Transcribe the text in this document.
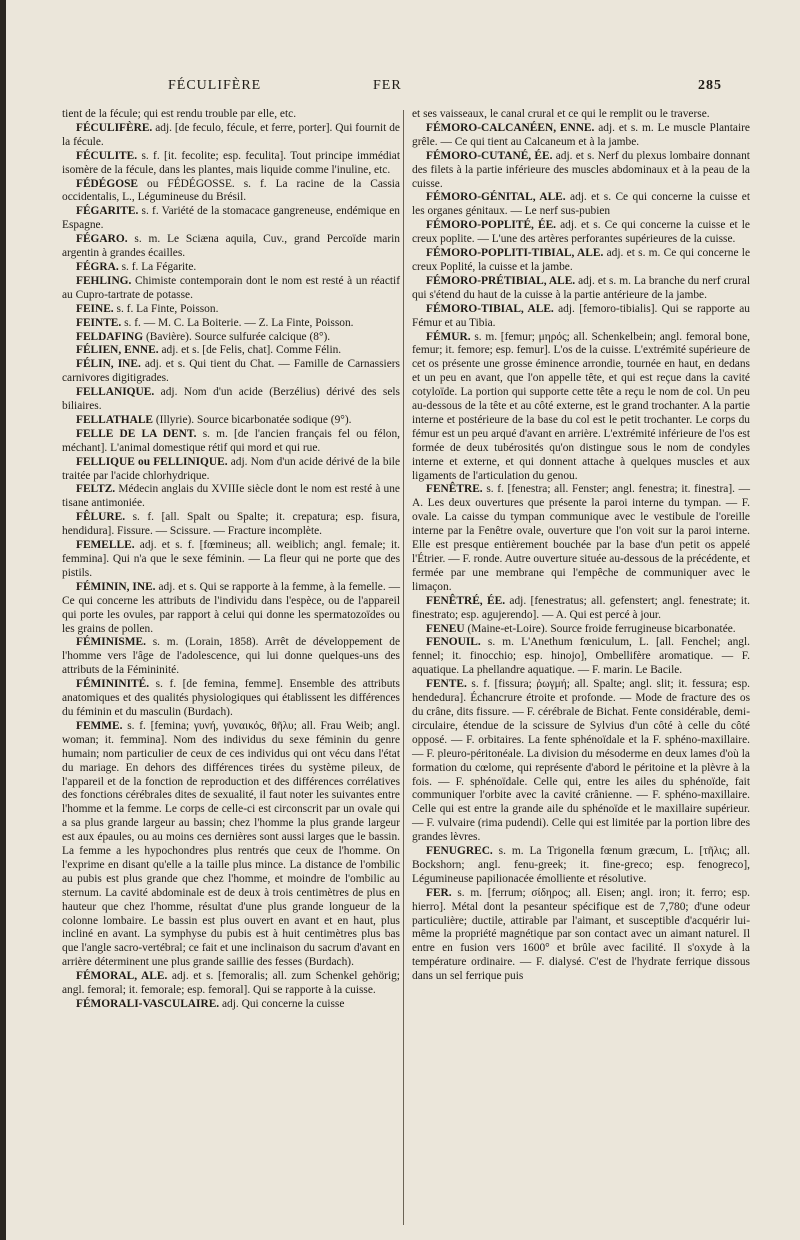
FÉCULIFÈRE	FER	285

tient de la fécule; qui est rendu trouble par elle, etc.

FÉCULIFÈRE. adj. [de feculo, fécule, et ferre, porter]. Qui fournit de la fécule.

FÉCULITE. s. f. [it. fecolite; esp. feculita]. Tout principe immédiat isomère de la fécule, dans les plantes, mais liquide comme l'inuline, etc.

FÉDÉGOSE ou FÉDÉGOSSE. s. f. La racine de la Cassia occidentalis, L., Légumineuse du Brésil.

FÉGARITE. s. f. Variété de la stomacace gangreneuse, endémique en Espagne.

FÉGARO. s. m. Le Sciæna aquila, Cuv., grand Percoïde marin argentin à grandes écailles.

FÉGRA. s. f. La Fégarite.

FEHLING. Chimiste contemporain dont le nom est resté à un réactif au Cupro-tartrate de potasse.

FEINE. s. f. La Finte, Poisson.

FEINTE. s. f. — M. C. La Boiterie. — Z. La Finte, Poisson.

FELDAFING (Bavière). Source sulfurée calcique (8°).

FÉLIEN, ENNE. adj. et s. [de Felis, chat]. Comme Félin.

FÉLIN, INE. adj. et s. Qui tient du Chat. — Famille de Carnassiers carnivores digitigrades.

FELLANIQUE. adj. Nom d'un acide (Berzélius) dérivé des sels biliaires.

FELLATHALE (Illyrie). Source bicarbonatée sodique (9°).

FELLE DE LA DENT. s. m. [de l'ancien français fel ou félon, méchant]. L'animal domestique rétif qui mord et qui rue.

FELLIQUE ou FELLINIQUE. adj. Nom d'un acide dérivé de la bile traitée par l'acide chlorhydrique.

FELTZ. Médecin anglais du XVIIIe siècle dont le nom est resté à une tisane antimoniée.

FÊLURE. s. f. [all. Spalt ou Spalte; it. crepatura; esp. fisura, hendidura]. Fissure. — Scissure. — Fracture incomplète.

FEMELLE. adj. et s. f. [fœmineus; all. weiblich; angl. female; it. femmina]. Qui n'a que le sexe féminin. — La fleur qui ne porte que des pistils.

FÉMININ, INE. adj. et s. Qui se rapporte à la femme, à la femelle. — Ce qui concerne les attributs de l'individu dans l'espèce, ou de l'appareil qui porte les ovules, par rapport à celui qui donne les spermatozoïdes ou les grains de pollen.

FÉMINISME. s. m. (Lorain, 1858). Arrêt de développement de l'homme vers l'âge de l'adolescence, qui lui donne quelques-uns des attributs de la Fémininité.

FÉMININITÉ. s. f. [de femina, femme]. Ensemble des attributs anatomiques et des qualités physiologiques qui établissent les différences du féminin et du masculin (Burdach).

FEMME. s. f. [femina; γυνή, γυναικός, θῆλυ; all. Frau Weib; angl. woman; it. femmina]. Nom des individus du sexe féminin du genre humain; nom particulier de ceux de ces individus qui ont vécu dans l'état du mariage. En dehors des différences tirées du système pileux, de l'appareil et de la fonction de reproduction et des différences corrélatives des fonctions cérébrales dites de sexualité, il faut noter les suivantes entre l'homme et la femme. Le corps de celle-ci est circonscrit par un ovale qui a sa plus grande largeur au bassin; chez l'homme la plus grande largeur est aux épaules, ou au moins ces dernières sont aussi larges que le bassin. La femme a les hypochondres plus rentrés que ceux de l'homme. On l'exprime en disant qu'elle a la taille plus mince. La distance de l'ombilic au pubis est plus grande que chez l'homme, et moindre de l'ombilic au sternum. La cavité abdominale est de deux à trois centimètres de plus en hauteur que chez l'homme, résultat d'une plus grande longueur de la colonne lombaire. Le bassin est plus ouvert en avant et en haut, plus incliné en avant. La symphyse du pubis est à huit centimètres plus bas que l'angle sacro-vertébral; ce fait et une inclinaison du sacrum d'avant en arrière déterminent une plus grande saillie des fesses (Burdach).

FÉMORAL, ALE. adj. et s. [femoralis; all. zum Schenkel gehörig; angl. femoral; it. femorale; esp. femoral]. Qui se rapporte à la cuisse.

FÉMORALI-VASCULAIRE. adj. Qui concerne la cuisse

et ses vaisseaux, le canal crural et ce qui le remplit ou le traverse.

FÉMORO-CALCANÉEN, ENNE. adj. et s. m. Le muscle Plantaire grêle. — Ce qui tient au Calcaneum et à la jambe.

FÉMORO-CUTANÉ, ÉE. adj. et s. Nerf du plexus lombaire donnant des filets à la partie inférieure des muscles abdominaux et à la peau de la cuisse.

FÉMORO-GÉNITAL, ALE. adj. et s. Ce qui concerne la cuisse et les organes génitaux. — Le nerf sus-pubien

FÉMORO-POPLITÉ, ÉE. adj. et s. Ce qui concerne la cuisse et le creux poplite. — L'une des artères perforantes supérieures de la cuisse.

FÉMORO-POPLITI-TIBIAL, ALE. adj. et s. m. Ce qui concerne le creux Poplité, la cuisse et la jambe.

FÉMORO-PRÉTIBIAL, ALE. adj. et s. m. La branche du nerf crural qui s'étend du haut de la cuisse à la partie antérieure de la jambe.

FÉMORO-TIBIAL, ALE. adj. [femoro-tibialis]. Qui se rapporte au Fémur et au Tibia.

FÉMUR. s. m. [femur; μηρός; all. Schenkelbein; angl. femoral bone, femur; it. femore; esp. femur]. L'os de la cuisse. L'extrémité supérieure de cet os présente une grosse éminence arrondie, tournée en haut, en dedans et un peu en avant, que l'on appelle tête, et qui est reçue dans la cavité cotyloïde. La portion qui supporte cette tête a reçu le nom de col. Un peu au-dessous de la tête et au côté externe, est le grand trochanter. A la partie interne et postérieure de la base du col est le petit trochanter. Le corps du fémur est un peu arqué d'avant en arrière. L'extrémité inférieure de l'os est formée de deux tubérosités qu'on distingue sous le nom de condyles interne et externe, et qui donnent attache à quelques muscles et aux ligaments de l'articulation du genou.

FENÊTRE. s. f. [fenestra; all. Fenster; angl. fenestra; it. finestra]. — A. Les deux ouvertures que présente la paroi interne du tympan. — F. ovale. La caisse du tympan communique avec le vestibule de l'oreille interne par la Fenêtre ovale, ouverture que l'on voit sur la paroi interne. Elle est presque entièrement bouchée par la base d'un petit os appelé l'Étrier. — F. ronde. Autre ouverture située au-dessous de la précédente, et fermée par une membrane qui l'empêche de communiquer avec le limaçon.

FENÊTRÉ, ÉE. adj. [fenestratus; all. gefenstert; angl. fenestrate; it. finestrato; esp. agujerendo]. — A. Qui est percé à jour.

FENEU (Maine-et-Loire). Source froide ferrugineuse bicarbonatée.

FENOUIL. s. m. L'Anethum fœniculum, L. [all. Fenchel; angl. fennel; it. finocchio; esp. hinojo], Ombellifère aromatique. — F. aquatique. La phellandre aquatique. — F. marin. Le Bacile.

FENTE. s. f. [fissura; ῥωγμή; all. Spalte; angl. slit; it. fessura; esp. hendedura]. Échancrure étroite et profonde. — Mode de fracture des os du crâne, dits fissure. — F. cérébrale de Bichat. Fente considérable, demi-circulaire, étendue de la scissure de Sylvius d'un côté à celle du côté opposé. — F. orbitaires. La fente sphénoïdale et la F. sphéno-maxillaire. — F. pleuro-péritonéale. La division du mésoderme en deux lames d'où la formation du cœlome, qui représente d'abord le péritoine et la plèvre à la fois. — F. sphénoïdale. Celle qui, entre les ailes du sphénoïde, fait communiquer l'orbite avec la cavité crânienne. — F. sphéno-maxillaire. Celle qui est entre la grande aile du sphénoïde et le maxillaire supérieur. — F. vulvaire (rima pudendi). Celle qui est limitée par la portion libre des grandes lèvres.

FENUGREC. s. m. La Trigonella fœnum græcum, L. [τῆλις; all. Bockshorn; angl. fenu-greek; it. fine-greco; esp. fenogreco], Légumineuse papilionacée émolliente et résolutive.

FER. s. m. [ferrum; σίδηρος; all. Eisen; angl. iron; it. ferro; esp. hierro]. Métal dont la pesanteur spécifique est de 7,780; d'une odeur particulière; ductile, attirable par l'aimant, et susceptible d'acquérir lui-même la propriété magnétique par son contact avec un aimant naturel. Il entre en fusion vers 1600° et brûle avec facilité. Il s'oxyde à la température ordinaire. — F. dialysé. C'est de l'hydrate ferrique dissous dans un sel ferrique puis
